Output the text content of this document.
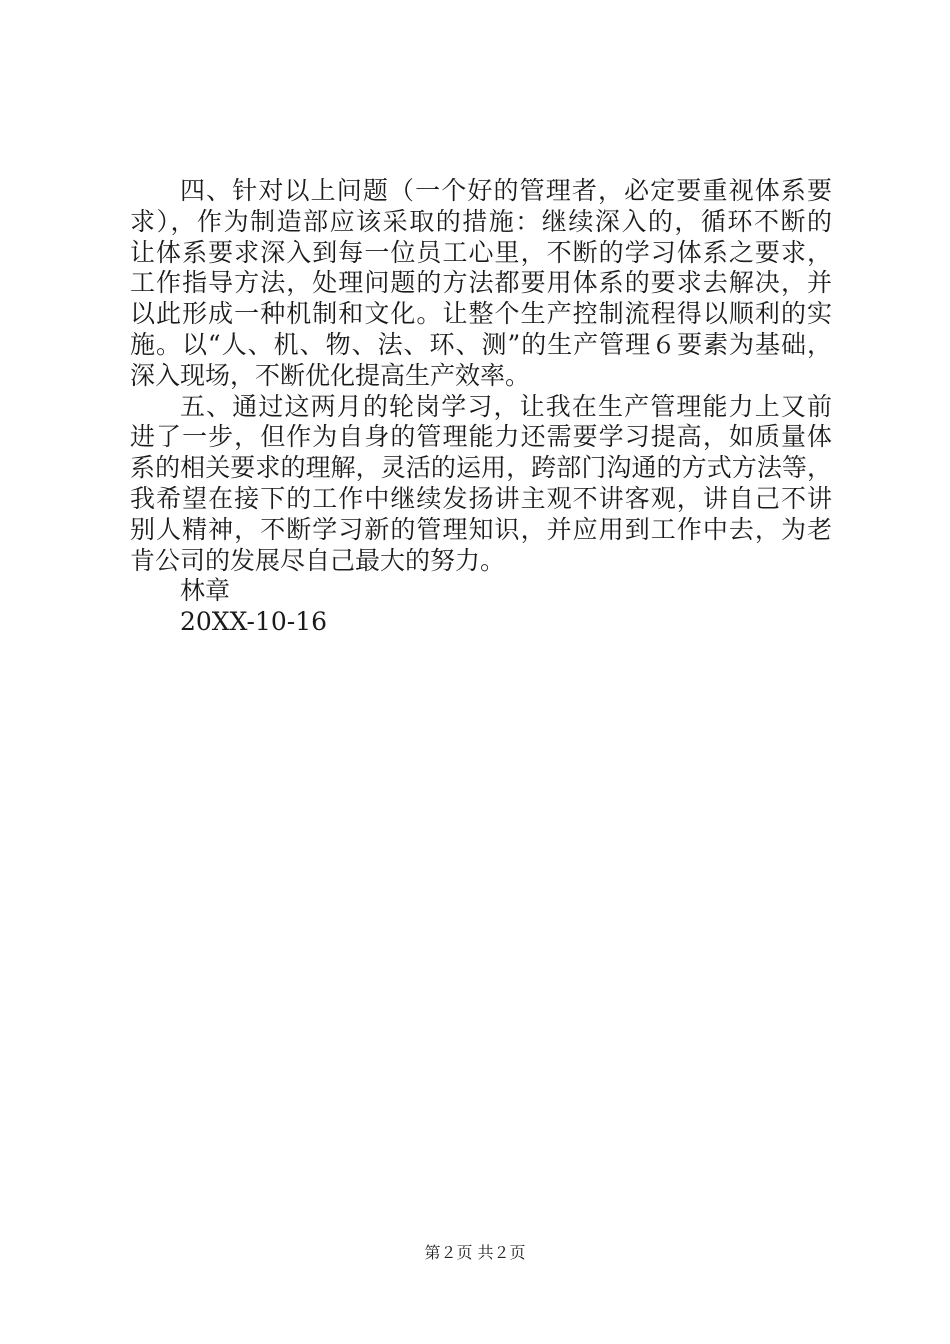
四、针对以上问题（一个好的管理者，必定要重视体系要
求），作为制造部应该采取的措施：继续深入的，循环不断的
让体系要求深入到每一位员工心里，不断的学习体系之要求，
工作指导方法，处理问题的方法都要用体系的要求去解决，并
以此形成一种机制和文化。让整个生产控制流程得以顺利的实
施。以“人、机、物、法、环、测”的生产管理６要素为基础，
深入现场，不断优化提高生产效率。
五、通过这两月的轮岗学习，让我在生产管理能力上又前
进了一步，但作为自身的管理能力还需要学习提高，如质量体
系的相关要求的理解，灵活的运用，跨部门沟通的方式方法等，
我希望在接下的工作中继续发扬讲主观不讲客观，讲自己不讲
别人精神，不断学习新的管理知识，并应用到工作中去，为老
肯公司的发展尽自己最大的努力。
林章
20XX-10-16
第２页 共２页
